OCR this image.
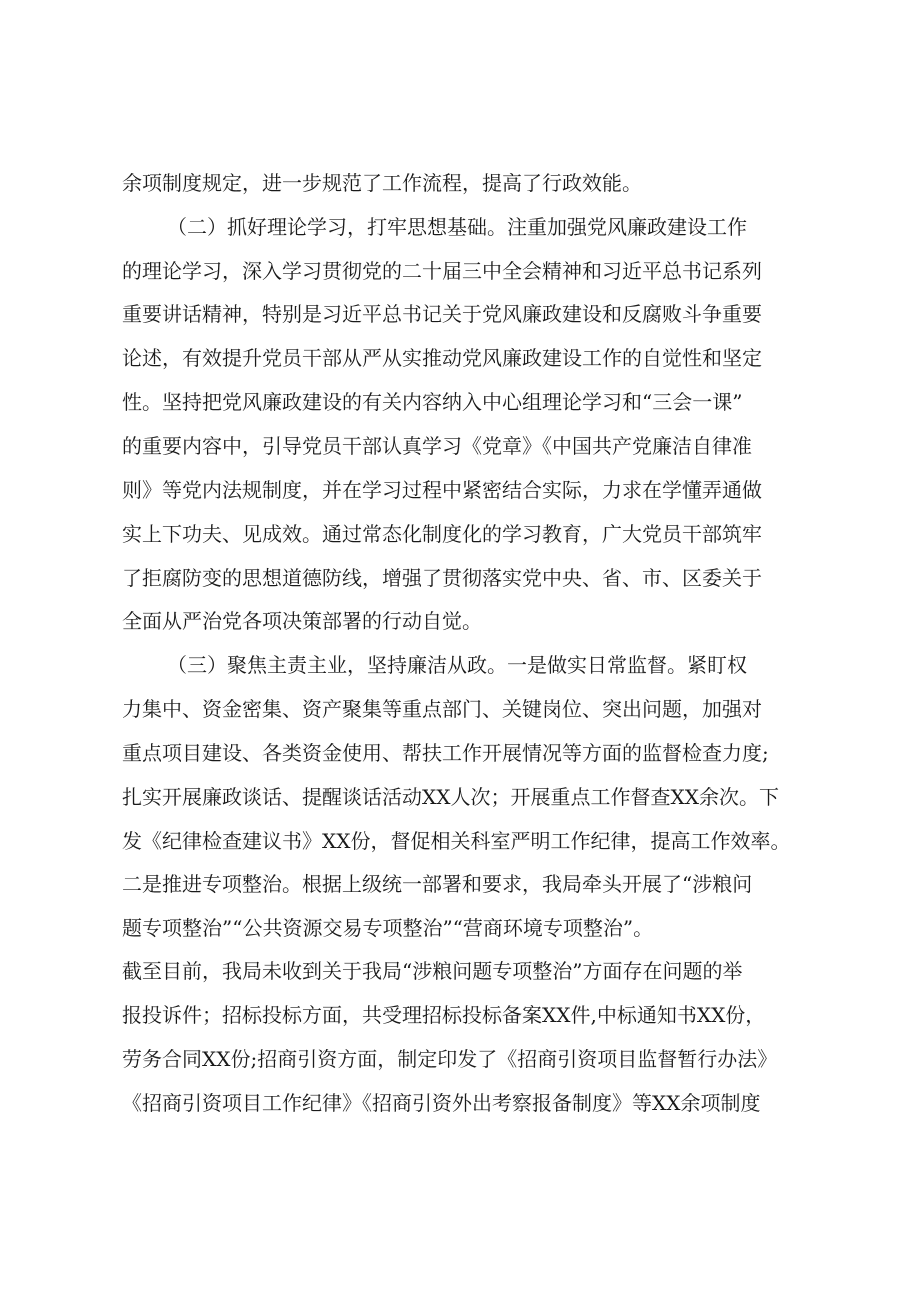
余项制度规定，进一步规范了工作流程，提高了行政效能。
（二）抓好理论学习，打牢思想基础。注重加强党风廉政建设工作
的理论学习，深入学习贯彻党的二十届三中全会精神和习近平总书记系列
重要讲话精神，特别是习近平总书记关于党风廉政建设和反腐败斗争重要
论述，有效提升党员干部从严从实推动党风廉政建设工作的自觉性和坚定
性。坚持把党风廉政建设的有关内容纳入中心组理论学习和“三会一课”
的重要内容中，引导党员干部认真学习《党章》《中国共产党廉洁自律准
则》等党内法规制度，并在学习过程中紧密结合实际，力求在学懂弄通做
实上下功夫、见成效。通过常态化制度化的学习教育，广大党员干部筑牢
了拒腐防变的思想道德防线，增强了贯彻落实党中央、省、市、区委关于
全面从严治党各项决策部署的行动自觉。
（三）聚焦主责主业，坚持廉洁从政。一是做实日常监督。紧盯权
力集中、资金密集、资产聚集等重点部门、关键岗位、突出问题，加强对
重点项目建设、各类资金使用、帮扶工作开展情况等方面的监督检查力度;
扎实开展廉政谈话、提醒谈话活动XX人次；开展重点工作督查XX余次。下
发《纪律检查建议书》XX份，督促相关科室严明工作纪律，提高工作效率。
二是推进专项整治。根据上级统一部署和要求，我局牵头开展了“涉粮问
题专项整治”“公共资源交易专项整治”“营商环境专项整治”。
截至目前，我局未收到关于我局“涉粮问题专项整治”方面存在问题的举
报投诉件；招标投标方面，共受理招标投标备案XX件,中标通知书XX份，
劳务合同XX份;招商引资方面，制定印发了《招商引资项目监督暂行办法》
《招商引资项目工作纪律》《招商引资外出考察报备制度》等XX余项制度
